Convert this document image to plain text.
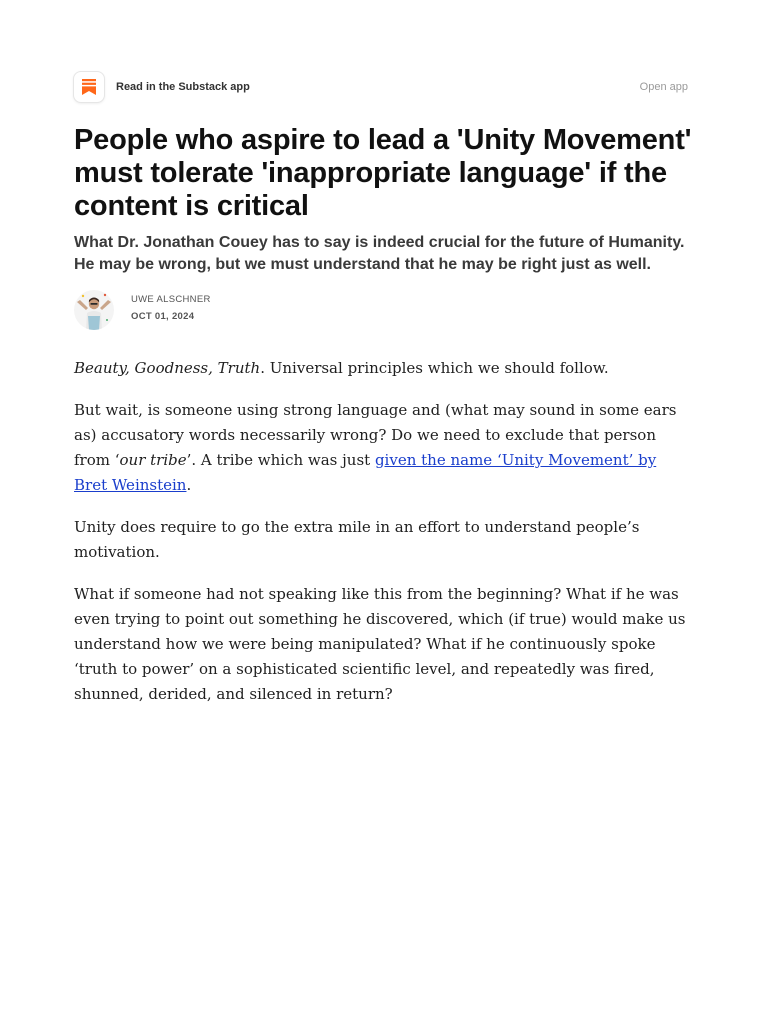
Read in the Substack app	Open app
People who aspire to lead a 'Unity Movement' must tolerate 'inappropriate language' if the content is critical
What Dr. Jonathan Couey has to say is indeed crucial for the future of Humanity. He may be wrong, but we must understand that he may be right just as well.
UWE ALSCHNER
OCT 01, 2024

Beauty, Goodness, Truth. Universal principles which we should follow.

But wait, is someone using strong language and (what may sound in some ears as) accusatory words necessarily wrong? Do we need to exclude that person from ‘our tribe’. A tribe which was just given the name ‘Unity Movement’ by Bret Weinstein.

Unity does require to go the extra mile in an effort to understand people’s motivation.

What if someone had not speaking like this from the beginning? What if he was even trying to point out something he discovered, which (if true) would make us understand how we were being manipulated? What if he continuously spoke ‘truth to power’ on a sophisticated scientific level, and repeatedly was fired, shunned, derided, and silenced in return?
